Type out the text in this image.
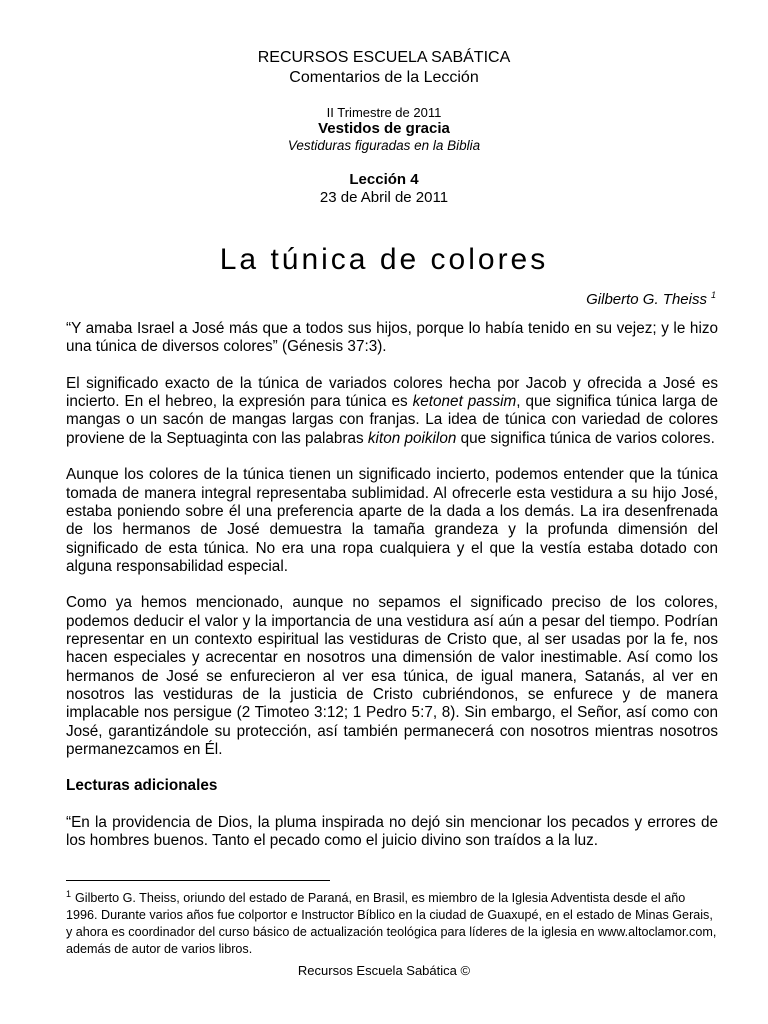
RECURSOS ESCUELA SABÁTICA
Comentarios de la Lección
II Trimestre de 2011
Vestidos de gracia
Vestiduras figuradas en la Biblia
Lección 4
23 de Abril de 2011
La túnica de colores
Gilberto G. Theiss $^1$

“Y amaba Israel a José más que a todos sus hijos, porque lo había tenido en su vejez; y le hizo una túnica de diversos colores” (Génesis 37:3).

El significado exacto de la túnica de variados colores hecha por Jacob y ofrecida a José es incierto. En el hebreo, la expresión para túnica es ketonet passim, que significa túnica larga de mangas o un sacón de mangas largas con franjas. La idea de túnica con variedad de colores proviene de la Septuaginta con las palabras kiton poikilon que significa túnica de varios colores.

Aunque los colores de la túnica tienen un significado incierto, podemos entender que la túnica tomada de manera integral representaba sublimidad. Al ofrecerle esta vestidura a su hijo José, estaba poniendo sobre él una preferencia aparte de la dada a los demás. La ira desenfrenada de los hermanos de José demuestra la tamaña grandeza y la profunda dimensión del significado de esta túnica. No era una ropa cualquiera y el que la vestía estaba dotado con alguna responsabilidad especial.

Como ya hemos mencionado, aunque no sepamos el significado preciso de los colores, podemos deducir el valor y la importancia de una vestidura así aún a pesar del tiempo. Podrían representar en un contexto espiritual las vestiduras de Cristo que, al ser usadas por la fe, nos hacen especiales y acrecentar en nosotros una dimensión de valor inestimable. Así como los hermanos de José se enfurecieron al ver esa túnica, de igual manera, Satanás, al ver en nosotros las vestiduras de la justicia de Cristo cubriéndonos, se enfurece y de manera implacable nos persigue (2 Timoteo 3:12; 1 Pedro 5:7, 8). Sin embargo, el Señor, así como con José, garantizándole su protección, así también permanecerá con nosotros mientras nosotros permanezcamos en Él.

Lecturas adicionales

“En la providencia de Dios, la pluma inspirada no dejó sin mencionar los pecados y errores de los hombres buenos. Tanto el pecado como el juicio divino son traídos a la luz.

$^1$ Gilberto G. Theiss, oriundo del estado de Paraná, en Brasil, es miembro de la Iglesia Adventista desde el año 1996. Durante varios años fue colportor e Instructor Bíblico en la ciudad de Guaxupé, en el estado de Minas Gerais, y ahora es coordinador del curso básico de actualización teológica para líderes de la iglesia en www.altoclamor.com, además de autor de varios libros.
Recursos Escuela Sabática ©
